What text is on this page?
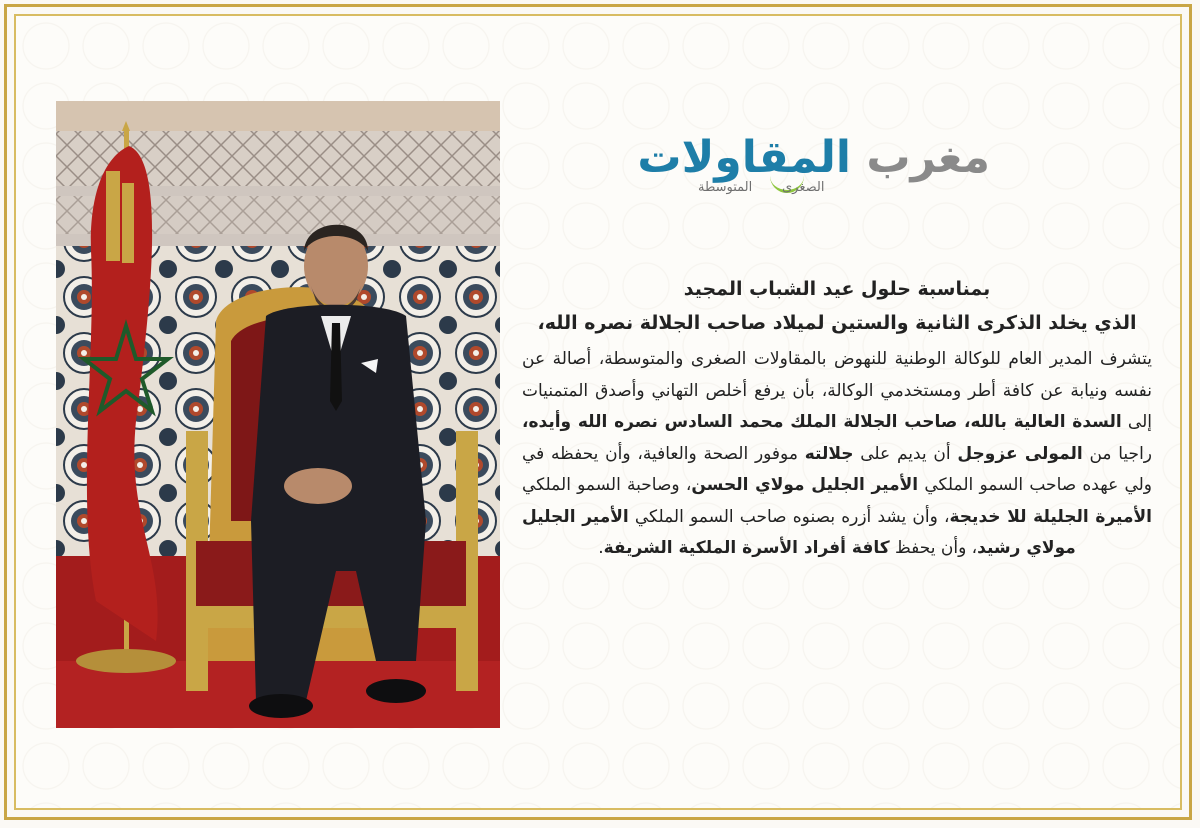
مغرب المقاولات
الصغرى
المتوسطة

بمناسبة حلول عيد الشباب المجيد

الذي يخلد الذكرى الثانية والستين لميلاد صاحب الجلالة نصره الله،

يتشرف المدير العام للوكالة الوطنية للنهوض بالمقاولات الصغرى والمتوسطة، أصالة عن نفسه ونيابة عن كافة أطر ومستخدمي الوكالة، بأن يرفع أخلص التهاني وأصدق المتمنيات إلى السدة العالية بالله، صاحب الجلالة الملك محمد السادس نصره الله وأيده، راجيا من المولى عزوجل أن يديم على جلالته موفور الصحة والعافية، وأن يحفظه في ولي عهده صاحب السمو الملكي الأمير الجليل مولاي الحسن، وصاحبة السمو الملكي الأميرة الجليلة للا خديجة، وأن يشد أزره بصنوه صاحب السمو الملكي الأمير الجليل مولاي رشيد، وأن يحفظ كافة أفراد الأسرة الملكية الشريفة.
